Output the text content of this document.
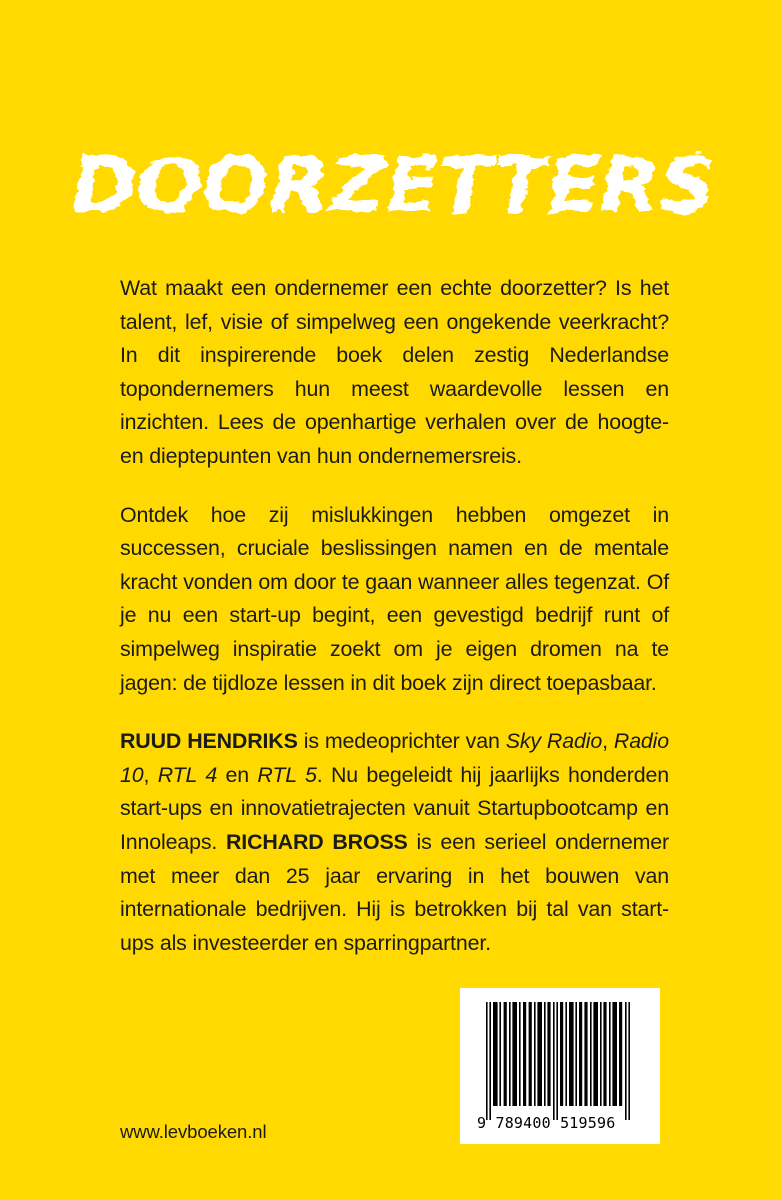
DOORZETTERS

Wat maakt een ondernemer een echte doorzetter? Is het talent, lef, visie of simpelweg een ongekende veerkracht? In dit inspirerende boek delen zestig Nederlandse topondernemers hun meest waardevolle lessen en inzichten. Lees de openhartige verhalen over de hoogte- en dieptepunten van hun ondernemersreis.

Ontdek hoe zij mislukkingen hebben omgezet in successen, cruciale beslissingen namen en de mentale kracht vonden om door te gaan wanneer alles tegenzat. Of je nu een start-up begint, een gevestigd bedrijf runt of simpelweg inspiratie zoekt om je eigen dromen na te jagen: de tijdloze lessen in dit boek zijn direct toepasbaar.

RUUD HENDRIKS is medeoprichter van Sky Radio, Radio 10, RTL 4 en RTL 5. Nu begeleidt hij jaarlijks honderden start-ups en innovatietrajecten vanuit Startupbootcamp en Innoleaps. RICHARD BROSS is een serieel ondernemer met meer dan 25 jaar ervaring in het bouwen van internationale bedrijven. Hij is betrokken bij tal van start-ups als investeerder en sparringpartner.

9 789400 519596
www.levboeken.nl
